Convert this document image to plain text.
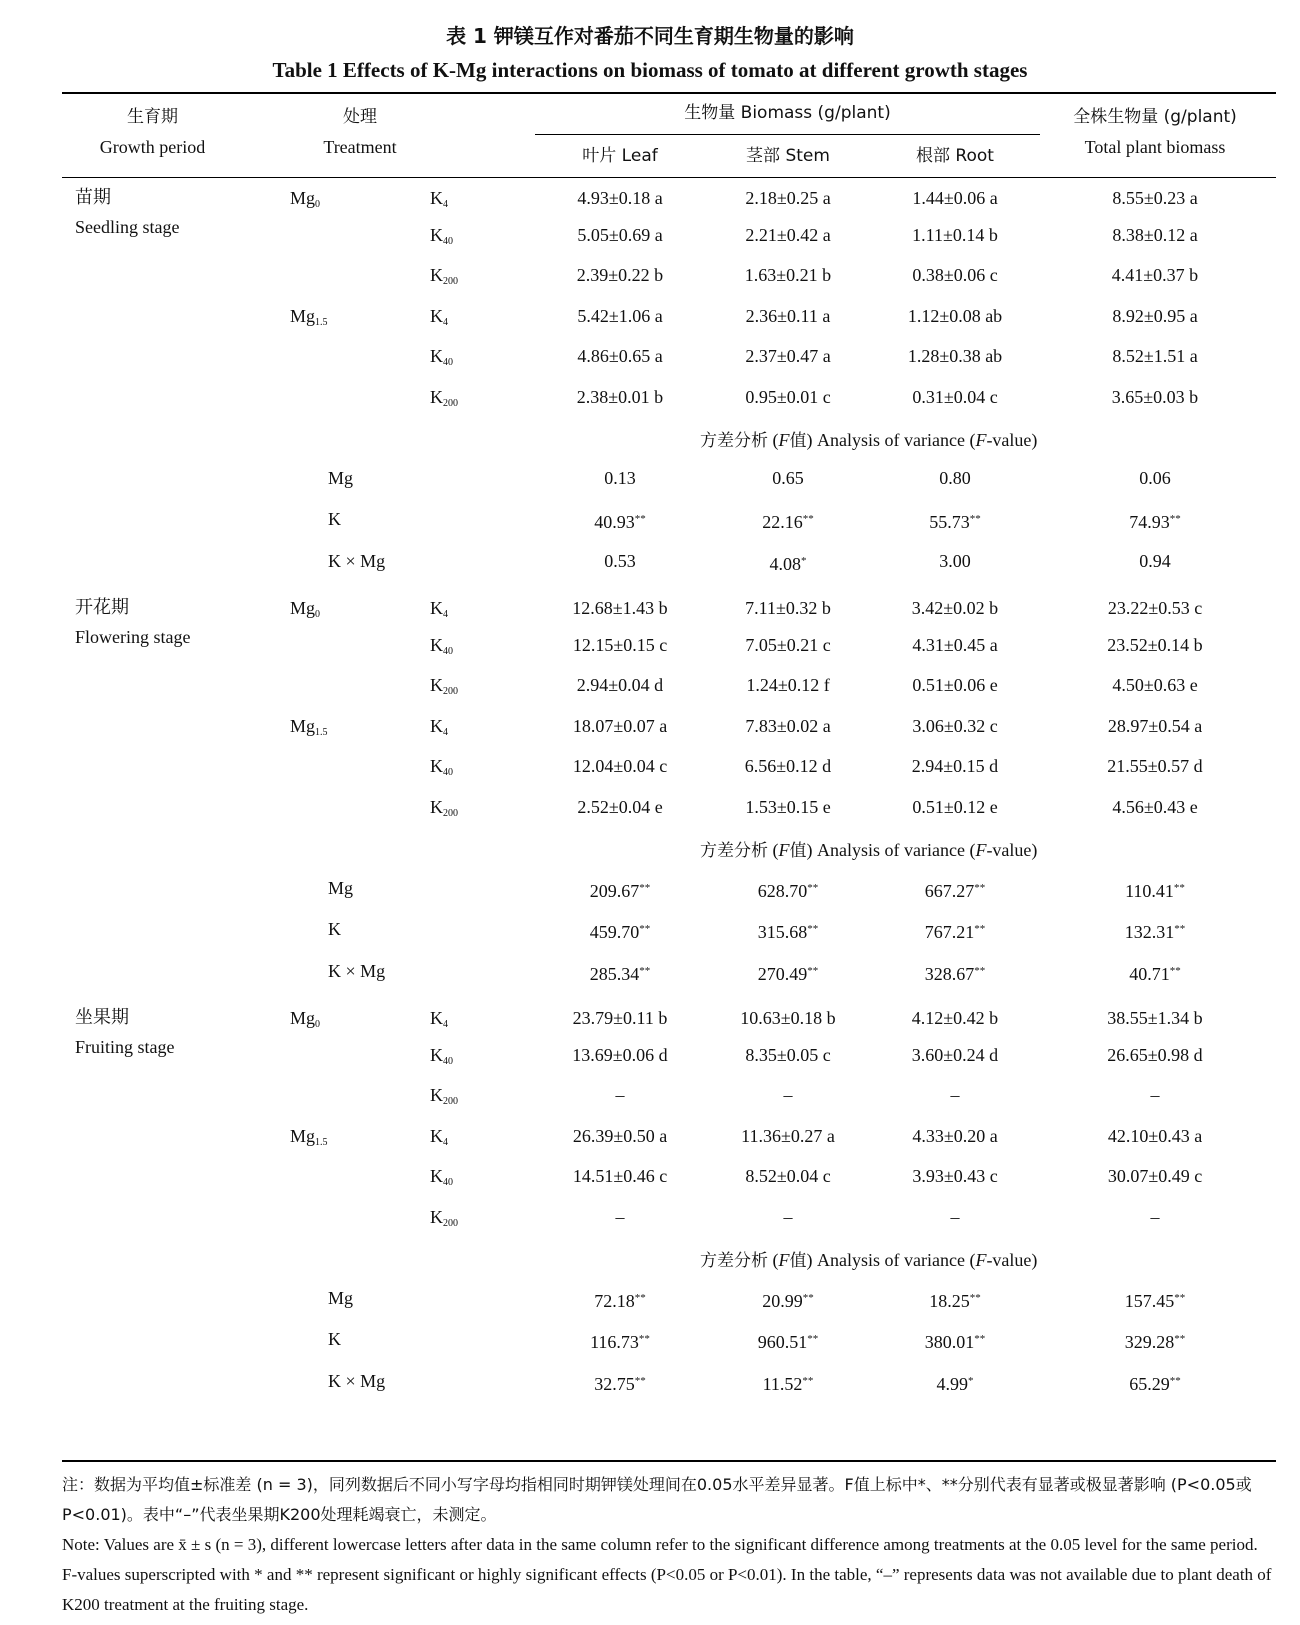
表 1 钾镁互作对番茄不同生育期生物量的影响
Table 1 Effects of K-Mg interactions on biomass of tomato at different growth stages
生育期
Growth period
处理
Treatment
生物量 Biomass (g/plant)
叶片 Leaf	茎部 Stem	根部 Root
全株生物量 (g/plant)
Total plant biomass
苗期
Seedling stage
$Mg_0$	$K_4$	4.93±0.18 a	2.18±0.25 a	1.44±0.06 a	8.55±0.23 a
$K_{40}$	5.05±0.69 a	2.21±0.42 a	1.11±0.14 b	8.38±0.12 a
$K_{200}$	2.39±0.22 b	1.63±0.21 b	0.38±0.06 c	4.41±0.37 b
$Mg_{1.5}$	$K_4$	5.42±1.06 a	2.36±0.11 a	1.12±0.08 ab	8.92±0.95 a
$K_{40}$	4.86±0.65 a	2.37±0.47 a	1.28±0.38 ab	8.52±1.51 a
$K_{200}$	2.38±0.01 b	0.95±0.01 c	0.31±0.04 c	3.65±0.03 b
方差分析 (F值) Analysis of variance (F-value)
Mg	0.13	0.65	0.80	0.06
K	40.93**	22.16**	55.73**	74.93**
K × Mg	0.53	4.08*	3.00	0.94
开花期
Flowering stage
$Mg_0$	$K_4$	12.68±1.43 b	7.11±0.32 b	3.42±0.02 b	23.22±0.53 c
$K_{40}$	12.15±0.15 c	7.05±0.21 c	4.31±0.45 a	23.52±0.14 b
$K_{200}$	2.94±0.04 d	1.24±0.12 f	0.51±0.06 e	4.50±0.63 e
$Mg_{1.5}$	$K_4$	18.07±0.07 a	7.83±0.02 a	3.06±0.32 c	28.97±0.54 a
$K_{40}$	12.04±0.04 c	6.56±0.12 d	2.94±0.15 d	21.55±0.57 d
$K_{200}$	2.52±0.04 e	1.53±0.15 e	0.51±0.12 e	4.56±0.43 e
方差分析 (F值) Analysis of variance (F-value)
Mg	209.67**	628.70**	667.27**	110.41**
K	459.70**	315.68**	767.21**	132.31**
K × Mg	285.34**	270.49**	328.67**	40.71**
坐果期
Fruiting stage
$Mg_0$	$K_4$	23.79±0.11 b	10.63±0.18 b	4.12±0.42 b	38.55±1.34 b
$K_{40}$	13.69±0.06 d	8.35±0.05 c	3.60±0.24 d	26.65±0.98 d
$K_{200}$	–	–	–	–
$Mg_{1.5}$	$K_4$	26.39±0.50 a	11.36±0.27 a	4.33±0.20 a	42.10±0.43 a
$K_{40}$	14.51±0.46 c	8.52±0.04 c	3.93±0.43 c	30.07±0.49 c
$K_{200}$	–	–	–	–
方差分析 (F值) Analysis of variance (F-value)
Mg	72.18**	20.99**	18.25**	157.45**
K	116.73**	960.51**	380.01**	329.28**
K × Mg	32.75**	11.52**	4.99*	65.29**
注：数据为平均值±标准差 (n = 3)，同列数据后不同小写字母均指相同时期钾镁处理间在0.05水平差异显著。F值上标中*、**分别代表有显著或极显著影响 (P<0.05或P<0.01)。表中“–”代表坐果期K200处理耗竭衰亡，未测定。
Note: Values are x̄ ± s (n = 3), different lowercase letters after data in the same column refer to the significant difference among treatments at the 0.05 level for the same period. F-values superscripted with * and ** represent significant or highly significant effects (P<0.05 or P<0.01). In the table, “–” represents data was not available due to plant death of K200 treatment at the fruiting stage.
